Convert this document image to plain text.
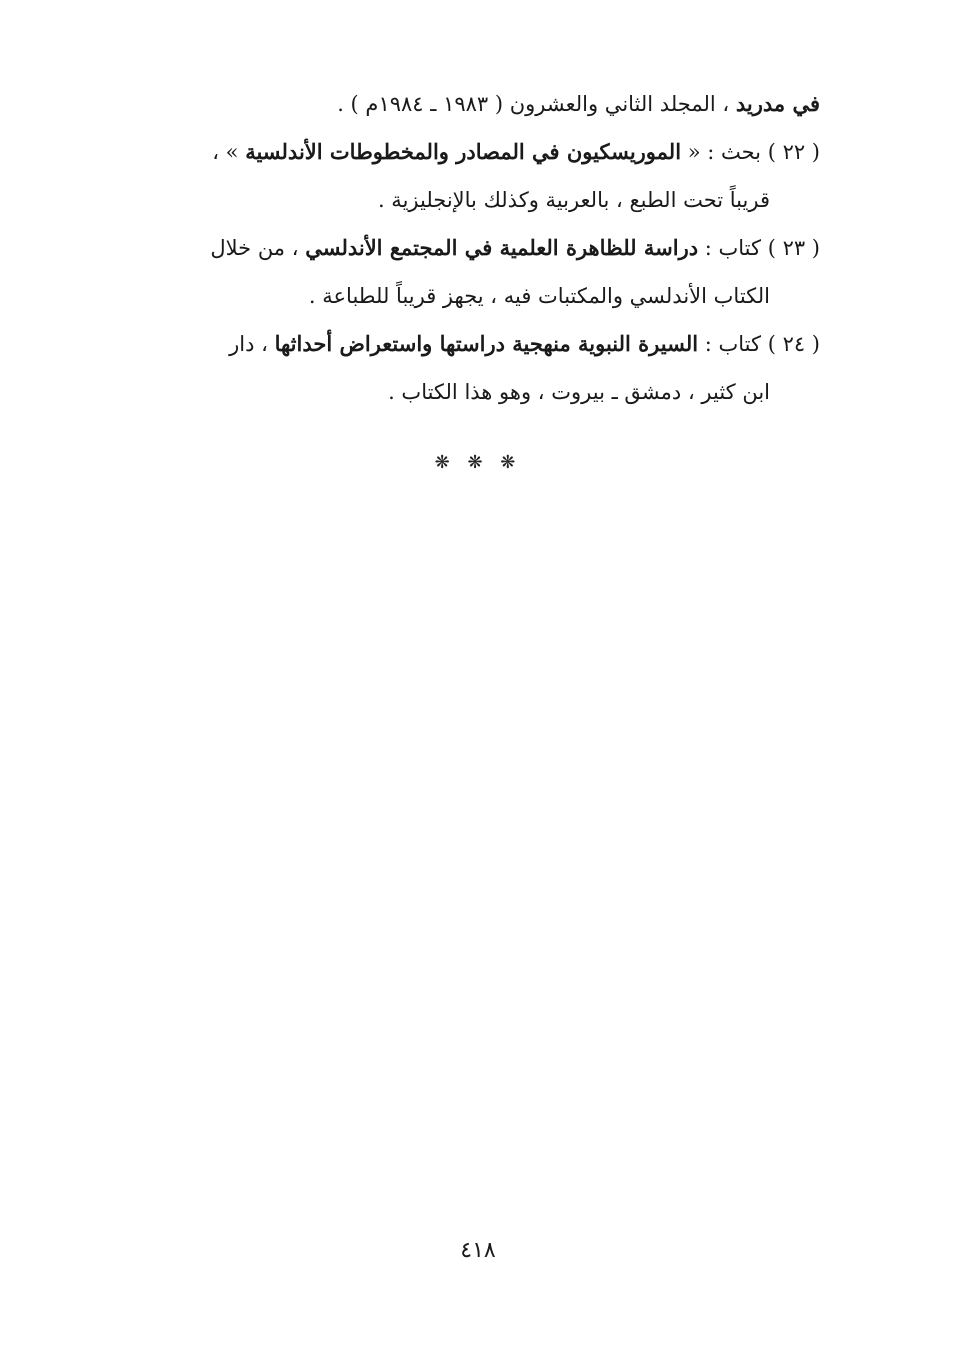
في مدريد ، المجلد الثاني والعشرون ( ١٩٨٣ ـ ١٩٨٤م ) .
( ٢٢ ) بحث : « الموريسكيون في المصادر والمخطوطات الأندلسية » ،
قريباً تحت الطبع ، بالعربية وكذلك بالإنجليزية .
( ٢٣ ) كتاب : دراسة للظاهرة العلمية في المجتمع الأندلسي ، من خلال
الكتاب الأندلسي والمكتبات فيه ، يجهز قريباً للطباعة .
( ٢٤ ) كتاب : السيرة النبوية منهجية دراستها واستعراض أحداثها ، دار
ابن كثير ، دمشق ـ بيروت ، وهو هذا الكتاب .
❋ ❋ ❋
٤١٨
